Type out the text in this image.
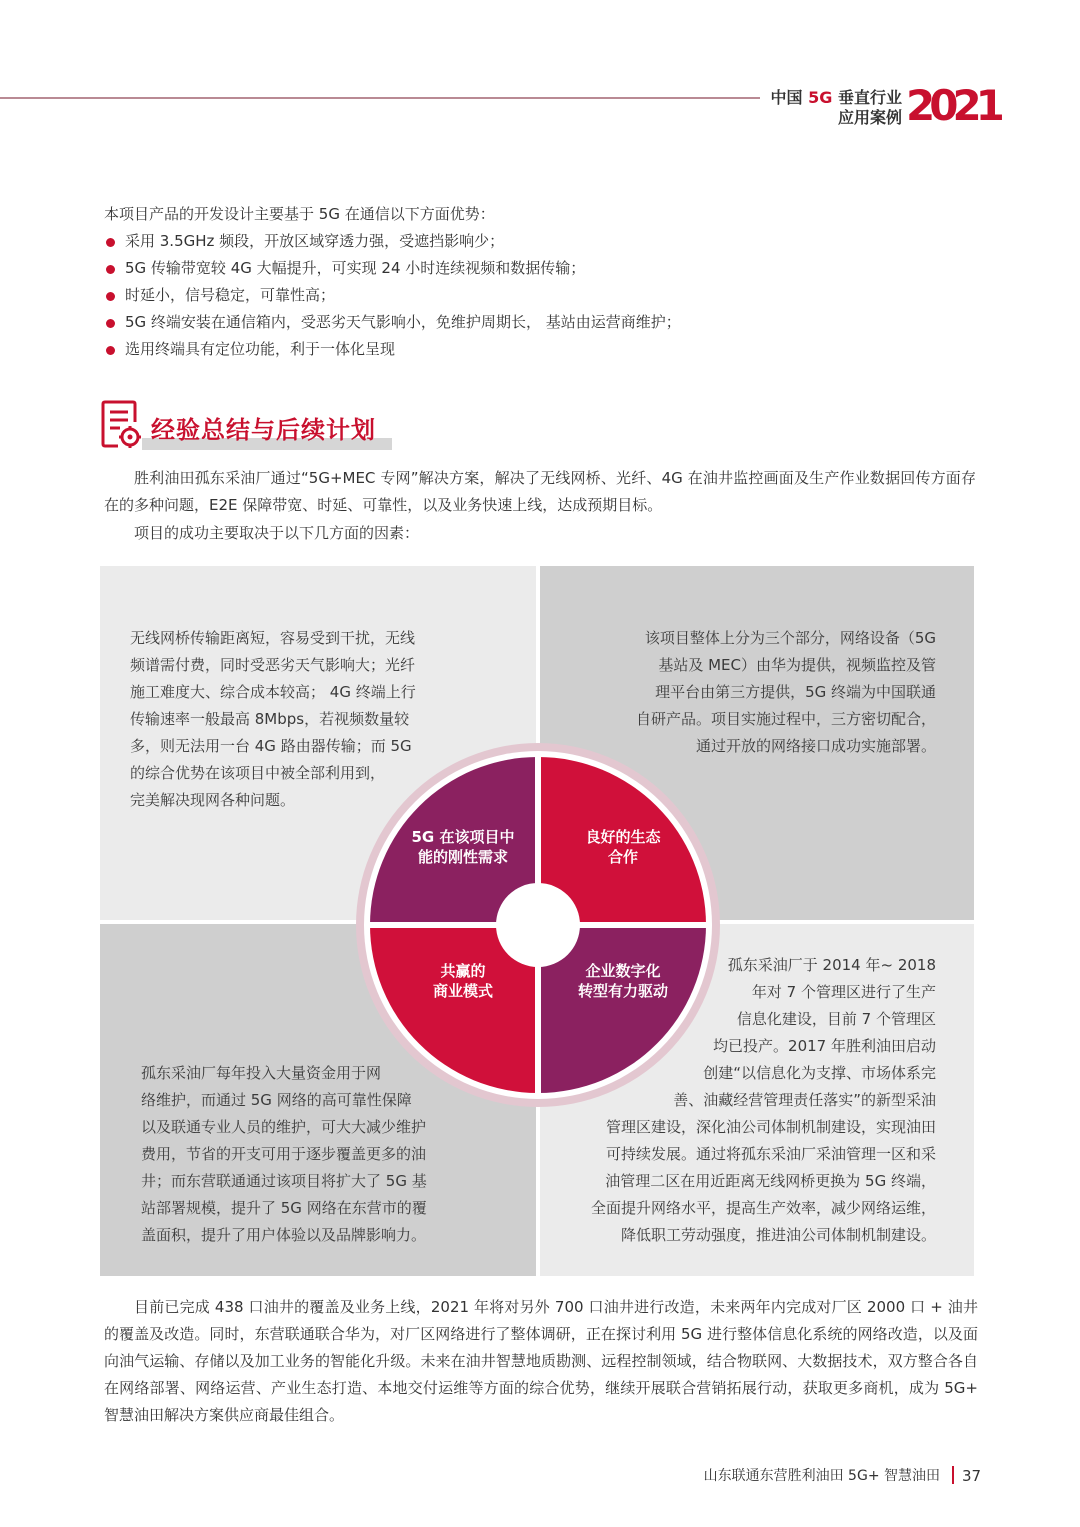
中国 5G 垂直行业
应用案例 2021
本项目产品的开发设计主要基于 5G 在通信以下方面优势：
采用 3.5GHz 频段，开放区域穿透力强，受遮挡影响少；
5G 传输带宽较 4G 大幅提升，可实现 24 小时连续视频和数据传输；
时延小，信号稳定，可靠性高；
5G 终端安装在通信箱内，受恶劣天气影响小，免维护周期长， 基站由运营商维护；
选用终端具有定位功能，利于一体化呈现
经验总结与后续计划
胜利油田孤东采油厂通过“5G+MEC 专网”解决方案，解决了无线网桥、光纤、4G 在油井监控画面及生产作业数据回传方面存在的多种问题，E2E 保障带宽、时延、可靠性，以及业务快速上线，达成预期目标。
项目的成功主要取决于以下几方面的因素：
无线网桥传输距离短，容易受到干扰，无线
频谱需付费，同时受恶劣天气影响大；光纤
施工难度大、综合成本较高； 4G 终端上行
传输速率一般最高 8Mbps，若视频数量较
多，则无法用一台 4G 路由器传输；而 5G
的综合优势在该项目中被全部利用到，
完美解决现网各种问题。
该项目整体上分为三个部分，网络设备（5G
基站及 MEC）由华为提供，视频监控及管
理平台由第三方提供，5G 终端为中国联通
自研产品。项目实施过程中，三方密切配合，
通过开放的网络接口成功实施部署。
孤东采油厂每年投入大量资金用于网
络维护，而通过 5G 网络的高可靠性保障
以及联通专业人员的维护，可大大减少维护
费用，节省的开支可用于逐步覆盖更多的油
井；而东营联通通过该项目将扩大了 5G 基
站部署规模，提升了 5G 网络在东营市的覆
盖面积，提升了用户体验以及品牌影响力。
孤东采油厂于 2014 年~ 2018
年对 7 个管理区进行了生产
信息化建设，目前 7 个管理区
均已投产。2017 年胜利油田启动
创建“以信息化为支撑、市场体系完
善、油藏经营管理责任落实”的新型采油
管理区建设，深化油公司体制机制建设，实现油田
可持续发展。通过将孤东采油厂采油管理一区和采
油管理二区在用近距离无线网桥更换为 5G 终端，
全面提升网络水平，提高生产效率，减少网络运维，
降低职工劳动强度，推进油公司体制机制建设。
5G 在该项目中
能的刚性需求
良好的生态
合作
共赢的
商业模式
企业数字化
转型有力驱动
目前已完成 438 口油井的覆盖及业务上线，2021 年将对另外 700 口油井进行改造，未来两年内完成对厂区 2000 口 + 油井的覆盖及改造。同时，东营联通联合华为，对厂区网络进行了整体调研，正在探讨利用 5G 进行整体信息化系统的网络改造，以及面向油气运输、存储以及加工业务的智能化升级。未来在油井智慧地质勘测、远程控制领域，结合物联网、大数据技术，双方整合各自在网络部署、网络运营、产业生态打造、本地交付运维等方面的综合优势，继续开展联合营销拓展行动，获取更多商机，成为 5G+ 智慧油田解决方案供应商最佳组合。
山东联通东营胜利油田 5G+ 智慧油田 37
